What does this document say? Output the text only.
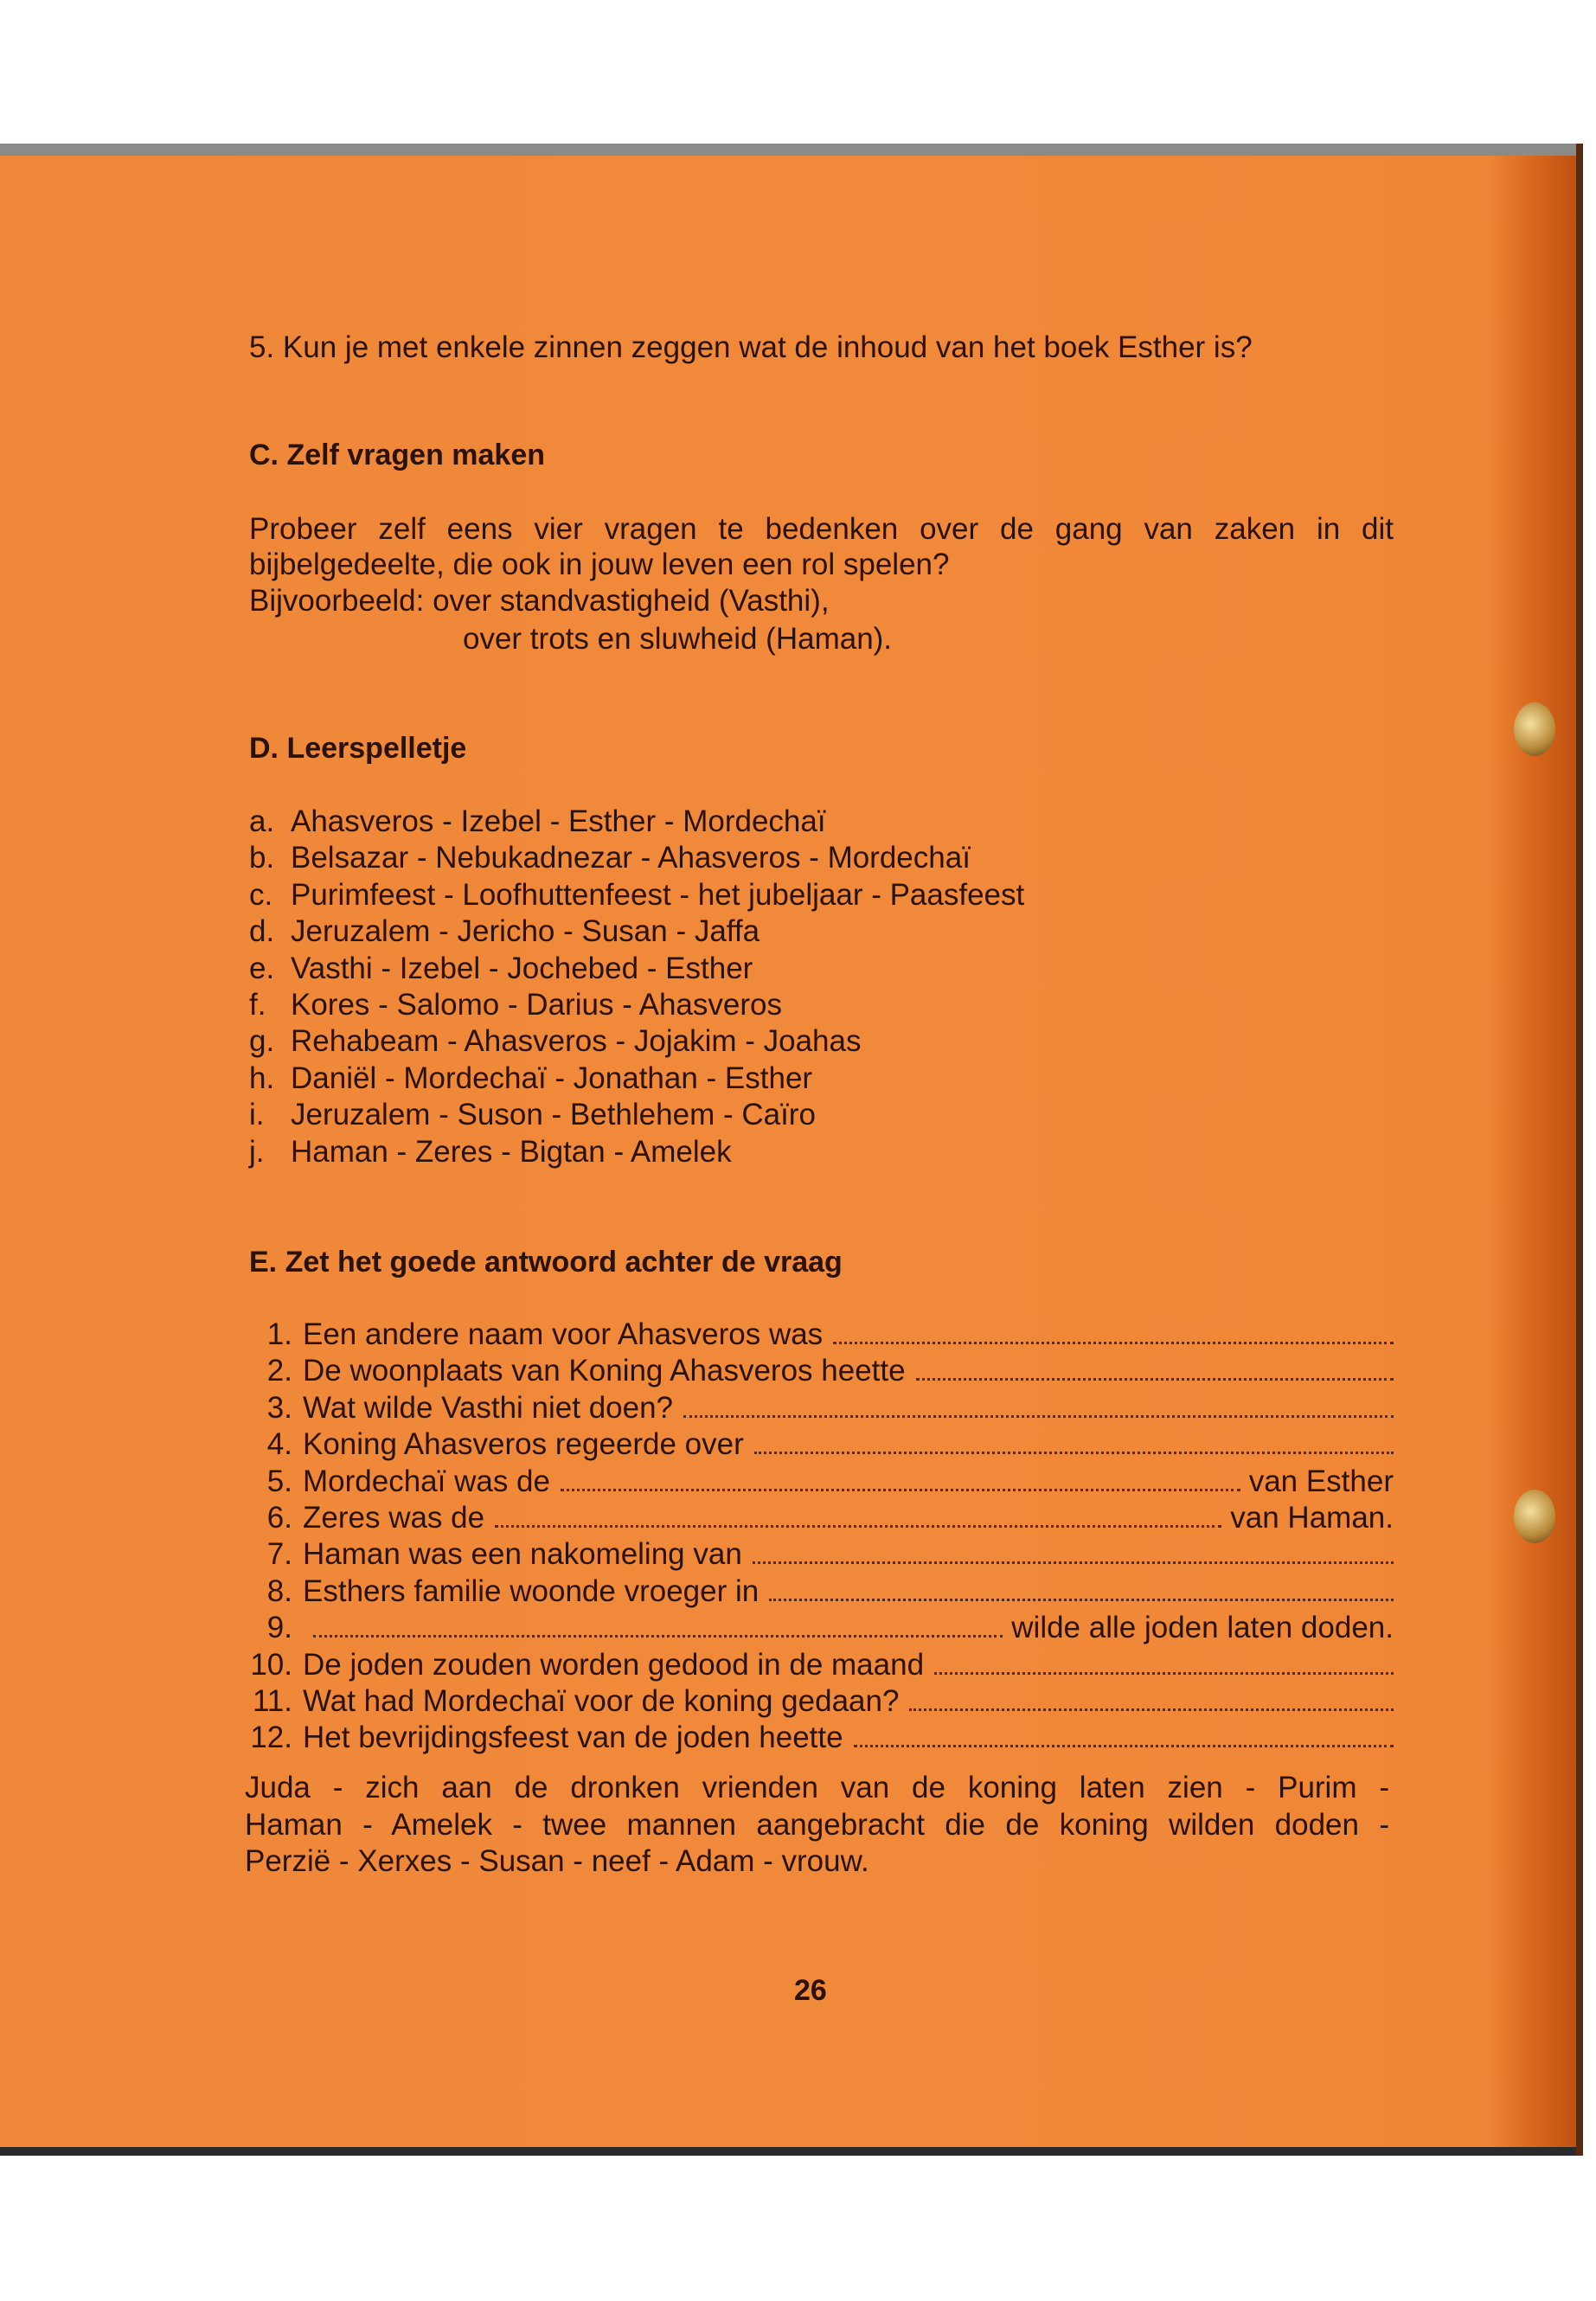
5. Kun je met enkele zinnen zeggen wat de inhoud van het boek Esther is?
C. Zelf vragen maken
Probeer zelf eens vier vragen te bedenken over de gang van zaken in dit
bijbelgedeelte, die ook in jouw leven een rol spelen?
Bijvoorbeeld: over standvastigheid (Vasthi),
over trots en sluwheid (Haman).
D. Leerspelletje
a. Ahasveros - Izebel - Esther - Mordechaï
b. Belsazar - Nebukadnezar - Ahasveros - Mordechaï
c. Purimfeest - Loofhuttenfeest - het jubeljaar - Paasfeest
d. Jeruzalem - Jericho - Susan - Jaffa
e. Vasthi - Izebel - Jochebed - Esther
f. Kores - Salomo - Darius - Ahasveros
g. Rehabeam - Ahasveros - Jojakim - Joahas
h. Daniël - Mordechaï - Jonathan - Esther
i. Jeruzalem - Suson - Bethlehem - Caïro
j. Haman - Zeres - Bigtan - Amelek
E. Zet het goede antwoord achter de vraag
1. Een andere naam voor Ahasveros was
2. De woonplaats van Koning Ahasveros heette
3. Wat wilde Vasthi niet doen?
4. Koning Ahasveros regeerde over
5. Mordechaï was de	van Esther
6. Zeres was de	van Haman.
7. Haman was een nakomeling van
8. Esthers familie woonde vroeger in
9.	wilde alle joden laten doden.
10. De joden zouden worden gedood in de maand
11. Wat had Mordechaï voor de koning gedaan?
12. Het bevrijdingsfeest van de joden heette
Juda - zich aan de dronken vrienden van de koning laten zien - Purim -
Haman - Amelek - twee mannen aangebracht die de koning wilden doden -
Perzië - Xerxes - Susan - neef - Adam - vrouw.
26
